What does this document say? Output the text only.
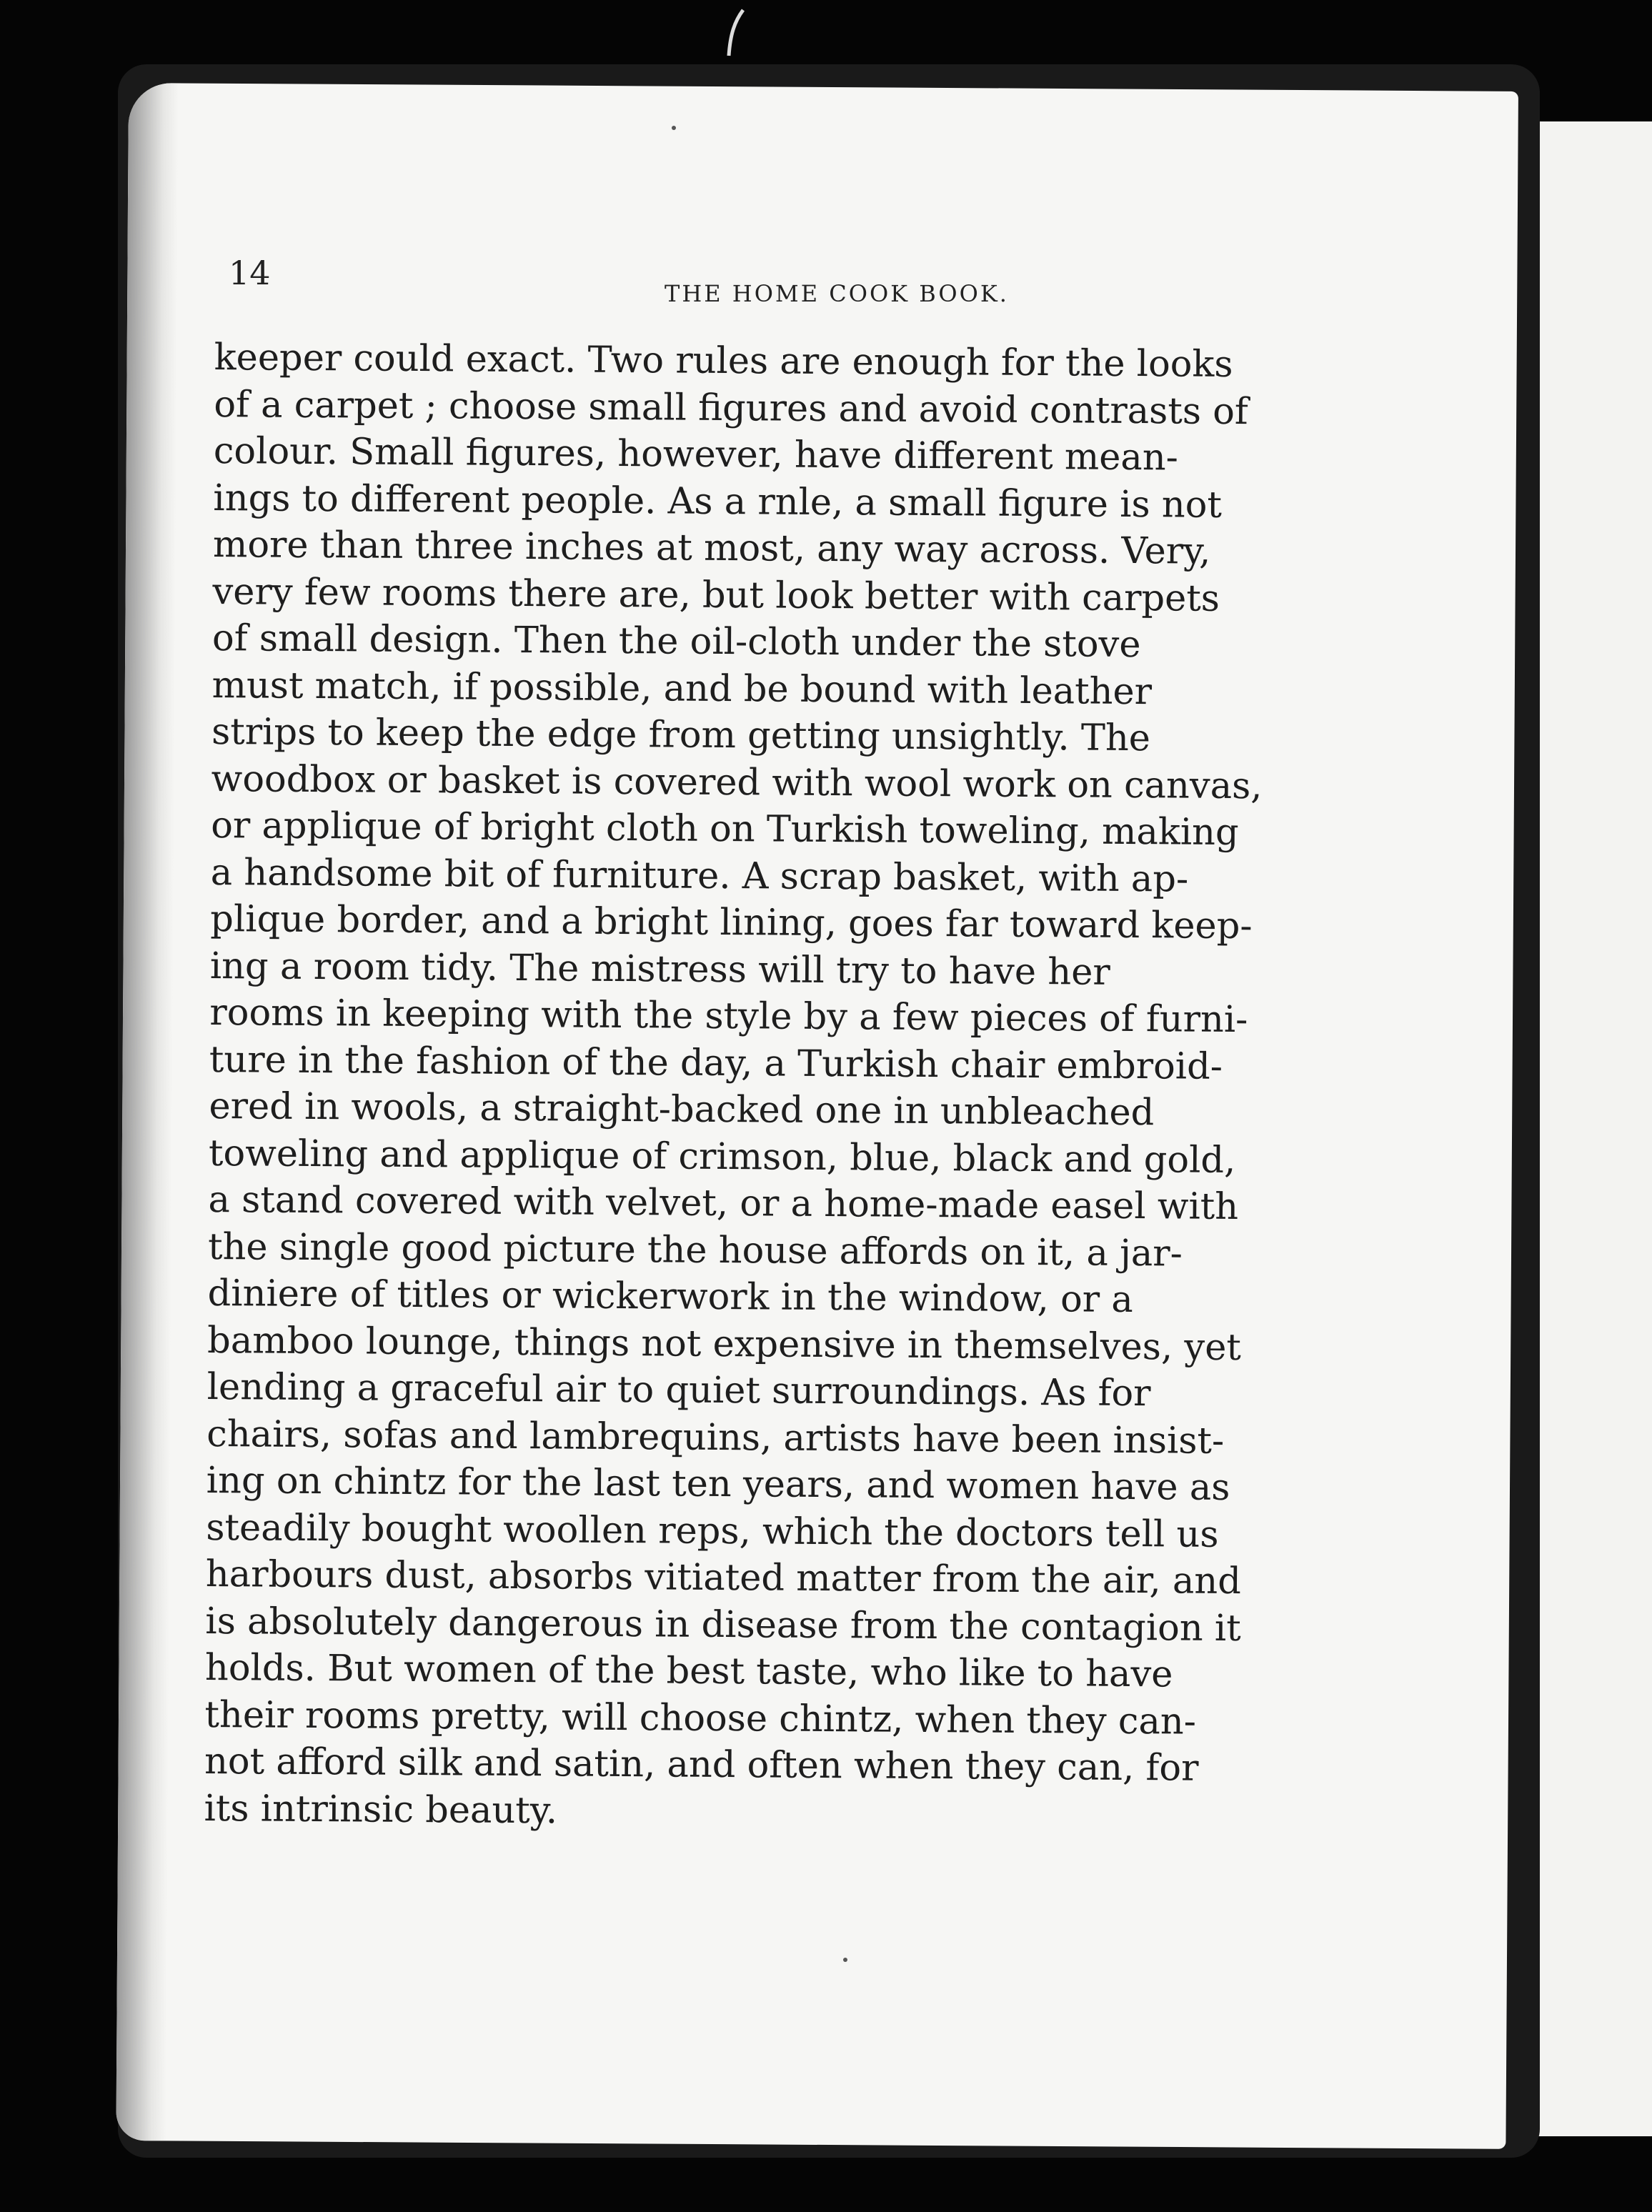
14
THE HOME COOK BOOK.
keeper could exact. Two rules are enough for the looks
of a carpet ; choose small figures and avoid contrasts of
colour. Small figures, however, have different mean-
ings to different people. As a rnle, a small figure is not
more than three inches at most, any way across. Very,
very few rooms there are, but look better with carpets
of small design. Then the oil-cloth under the stove
must match, if possible, and be bound with leather
strips to keep the edge from getting unsightly. The
woodbox or basket is covered with wool work on canvas,
or applique of bright cloth on Turkish toweling, making
a handsome bit of furniture. A scrap basket, with ap-
plique border, and a bright lining, goes far toward keep-
ing a room tidy. The mistress will try to have her
rooms in keeping with the style by a few pieces of furni-
ture in the fashion of the day, a Turkish chair embroid-
ered in wools, a straight-backed one in unbleached
toweling and applique of crimson, blue, black and gold,
a stand covered with velvet, or a home-made easel with
the single good picture the house affords on it, a jar-
diniere of titles or wickerwork in the window, or a
bamboo lounge, things not expensive in themselves, yet
lending a graceful air to quiet surroundings. As for
chairs, sofas and lambrequins, artists have been insist-
ing on chintz for the last ten years, and women have as
steadily bought woollen reps, which the doctors tell us
harbours dust, absorbs vitiated matter from the air, and
is absolutely dangerous in disease from the contagion it
holds. But women of the best taste, who like to have
their rooms pretty, will choose chintz, when they can-
not afford silk and satin, and often when they can, for
its intrinsic beauty.
